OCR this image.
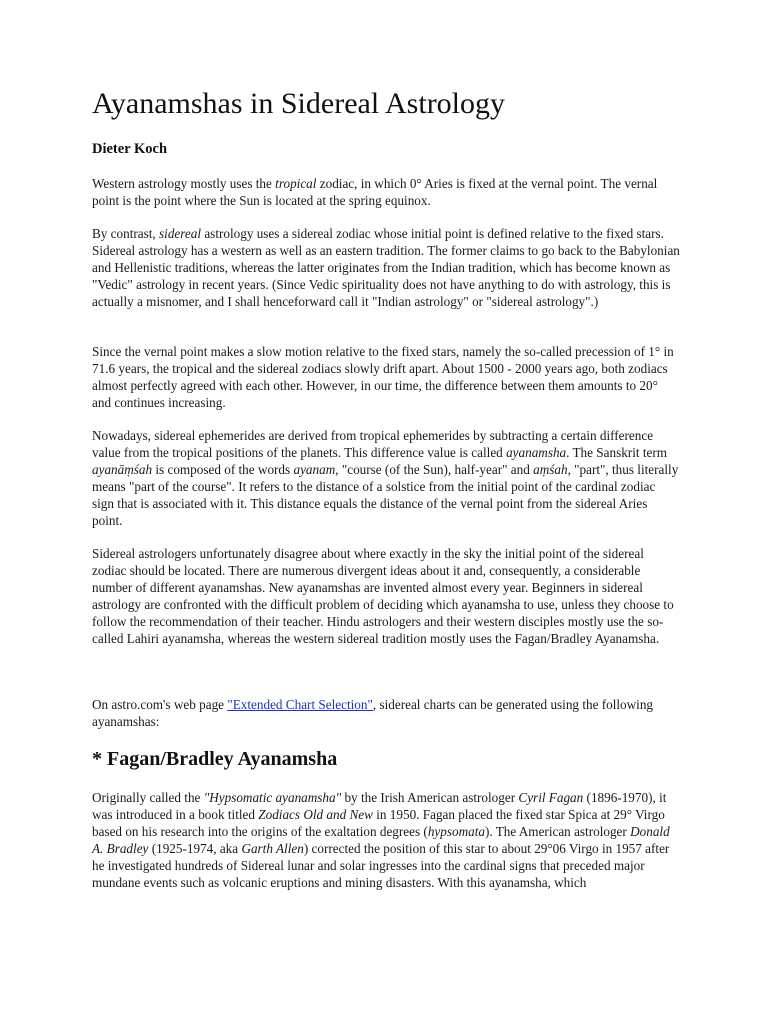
Ayanamshas in Sidereal Astrology
Dieter Koch

Western astrology mostly uses the tropical zodiac, in which 0° Aries is fixed at the vernal point. The vernal point is the point where the Sun is located at the spring equinox.

By contrast, sidereal astrology uses a sidereal zodiac whose initial point is defined relative to the fixed stars. Sidereal astrology has a western as well as an eastern tradition. The former claims to go back to the Babylonian and Hellenistic traditions, whereas the latter originates from the Indian tradition, which has become known as "Vedic" astrology in recent years. (Since Vedic spirituality does not have anything to do with astrology, this is actually a misnomer, and I shall henceforward call it "Indian astrology" or "sidereal astrology".)

Since the vernal point makes a slow motion relative to the fixed stars, namely the so-called precession of 1° in 71.6 years, the tropical and the sidereal zodiacs slowly drift apart. About 1500 - 2000 years ago, both zodiacs almost perfectly agreed with each other. However, in our time, the difference between them amounts to 20° and continues increasing.

Nowadays, sidereal ephemerides are derived from tropical ephemerides by subtracting a certain difference value from the tropical positions of the planets. This difference value is called ayanamsha. The Sanskrit term ayanāṃśah is composed of the words ayanam, "course (of the Sun), half-year" and aṃśah, "part", thus literally means "part of the course". It refers to the distance of a solstice from the initial point of the cardinal zodiac sign that is associated with it. This distance equals the distance of the vernal point from the sidereal Aries point.

Sidereal astrologers unfortunately disagree about where exactly in the sky the initial point of the sidereal zodiac should be located. There are numerous divergent ideas about it and, consequently, a considerable number of different ayanamshas. New ayanamshas are invented almost every year. Beginners in sidereal astrology are confronted with the difficult problem of deciding which ayanamsha to use, unless they choose to follow the recommendation of their teacher. Hindu astrologers and their western disciples mostly use the so-called Lahiri ayanamsha, whereas the western sidereal tradition mostly uses the Fagan/Bradley Ayanamsha.

On astro.com's web page "Extended Chart Selection", sidereal charts can be generated using the following ayanamshas:

* Fagan/Bradley Ayanamsha

Originally called the "Hypsomatic ayanamsha" by the Irish American astrologer Cyril Fagan (1896-1970), it was introduced in a book titled Zodiacs Old and New in 1950. Fagan placed the fixed star Spica at 29° Virgo based on his research into the origins of the exaltation degrees (hypsomata). The American astrologer Donald A. Bradley (1925-1974, aka Garth Allen) corrected the position of this star to about 29°06 Virgo in 1957 after he investigated hundreds of Sidereal lunar and solar ingresses into the cardinal signs that preceded major mundane events such as volcanic eruptions and mining disasters. With this ayanamsha, which
